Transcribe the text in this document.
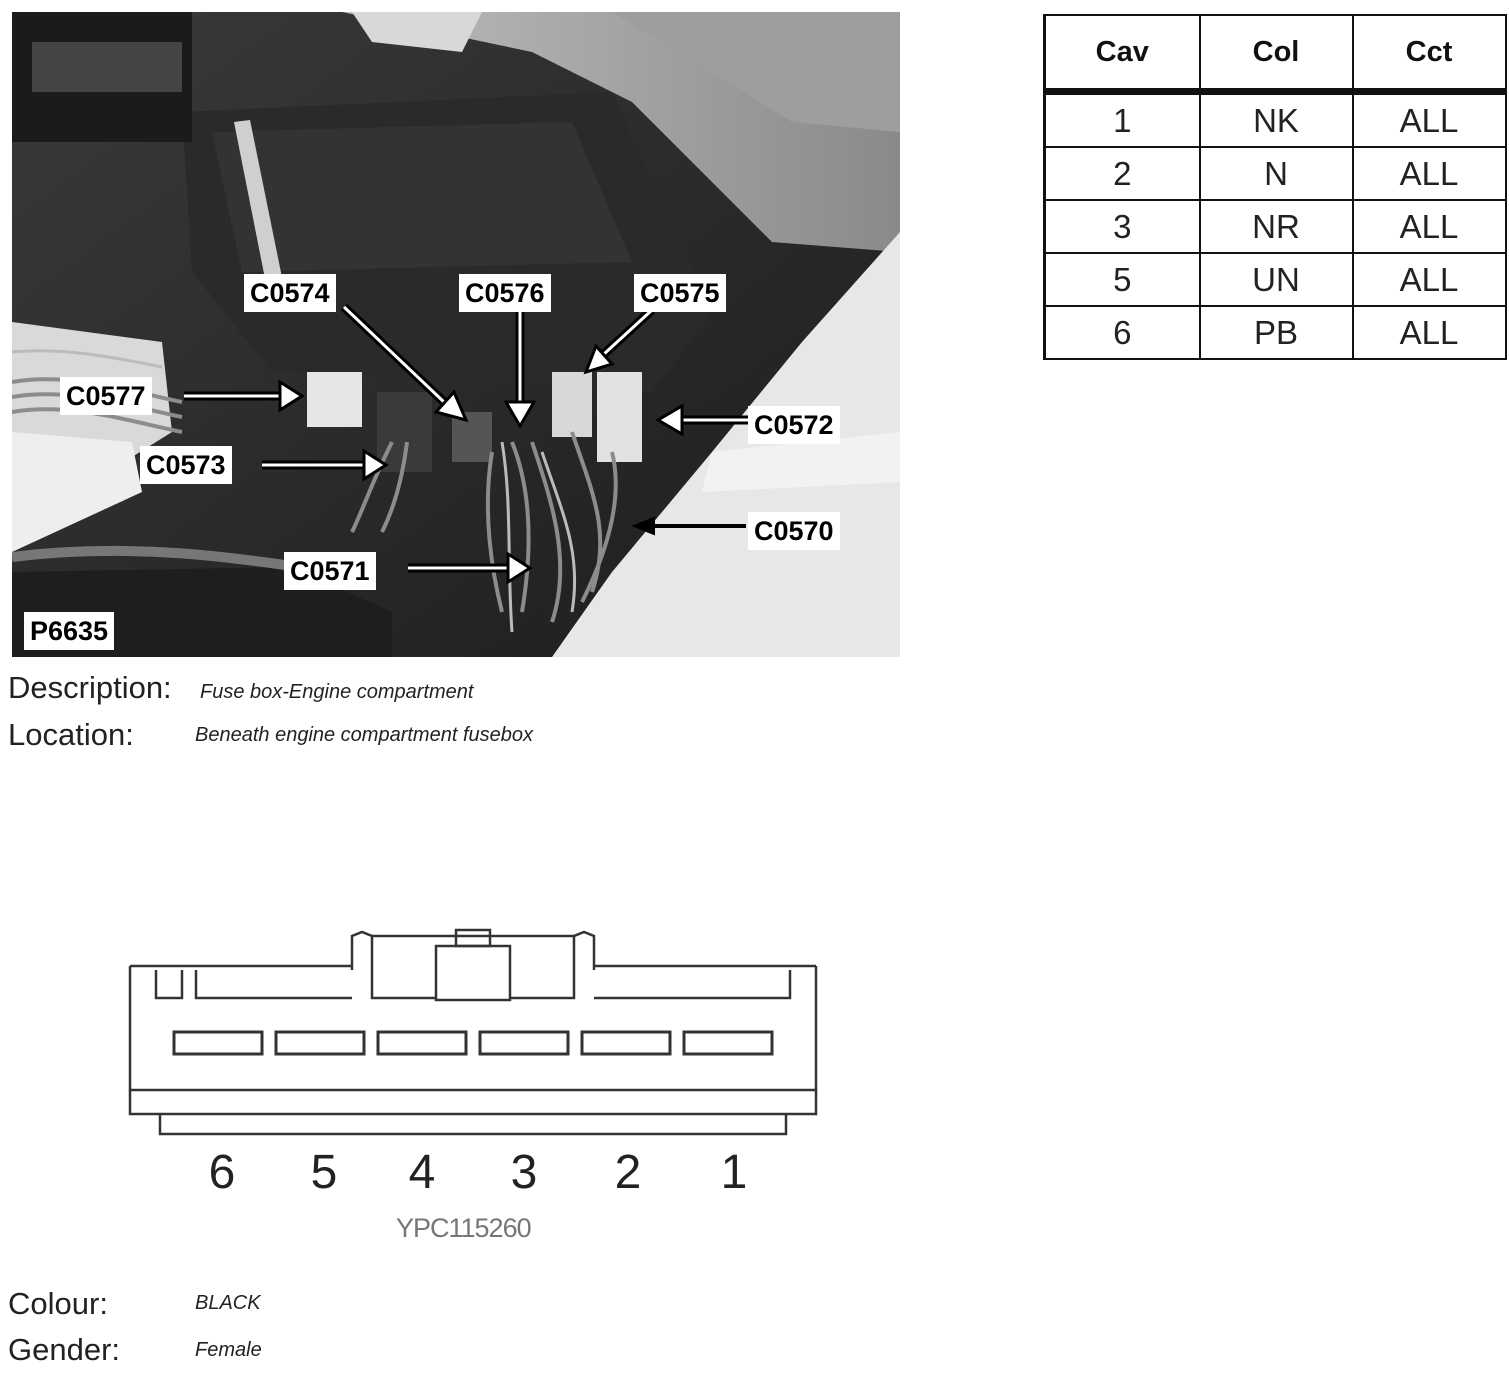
C0574	C0576	C0575
C0577
C0572
C0573
C0570
C0571
P6635
Description: Fuse box-Engine compartment
Location:	Beneath engine compartment fusebox
Cav	Col	Cct
1	NK	ALL
2	N	ALL
3	NR	ALL
5	UN	ALL
6	PB	ALL
6	5	4	3	2	1
YPC115260
Colour:	BLACK
Gender:	Female
